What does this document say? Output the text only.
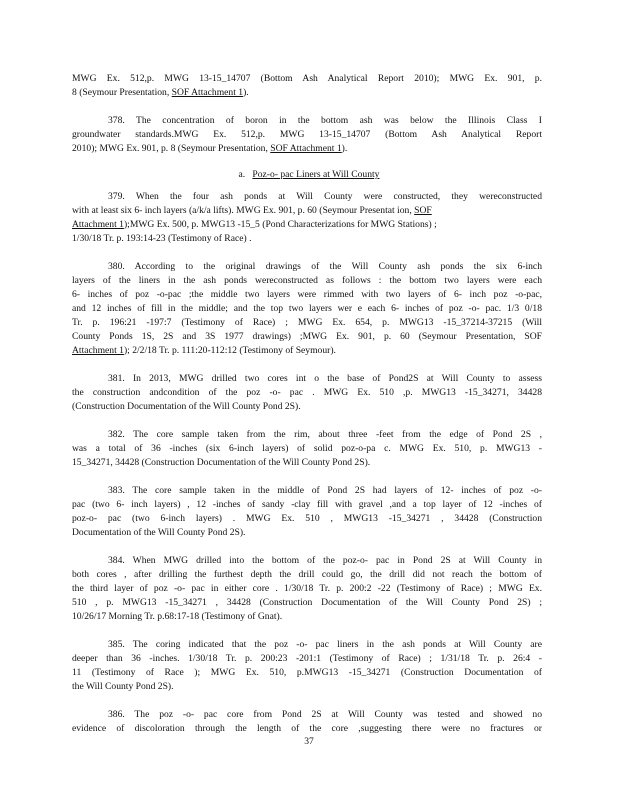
MWG Ex. 512,p. MWG 13-15_14707 (Bottom Ash Analytical Report 2010); MWG Ex. 901, p.
8 (Seymour Presentation, SOF Attachment 1).
378. The concentration of boron in the bottom ash was below the Illinois Class I
groundwater standards.MWG Ex. 512,p. MWG 13-15_14707 (Bottom Ash Analytical Report
2010); MWG Ex. 901, p. 8 (Seymour Presentation, SOF Attachment 1).
a. Poz-o- pac Liners at Will County
379. When the four ash ponds at Will County were constructed, they wereconstructed
with at least six 6- inch layers (a/k/a lifts). MWG Ex. 901, p. 60 (Seymour Presentat ion, SOF
Attachment 1);MWG Ex. 500, p. MWG13 -15_5 (Pond Characterizations for MWG Stations) ;
1/30/18 Tr. p. 193:14-23 (Testimony of Race) .
380. According to the original drawings of the Will County ash ponds the six 6-inch
layers of the liners in the ash ponds wereconstructed as follows : the bottom two layers were each
6- inches of poz -o-pac ;the middle two layers were rimmed with two layers of 6- inch poz -o-pac,
and 12 inches of fill in the middle; and the top two layers wer e each 6- inches of poz -o- pac. 1/3 0/18
Tr. p. 196:21 -197:7 (Testimony of Race) ; MWG Ex. 654, p. MWG13 -15_37214-37215 (Will
County Ponds 1S, 2S and 3S 1977 drawings) ;MWG Ex. 901, p. 60 (Seymour Presentation, SOF
Attachment 1); 2/2/18 Tr. p. 111:20-112:12 (Testimony of Seymour).
381. In 2013, MWG drilled two cores int o the base of Pond2S at Will County to assess
the construction andcondition of the poz -o- pac . MWG Ex. 510 ,p. MWG13 -15_34271, 34428
(Construction Documentation of the Will County Pond 2S).
382. The core sample taken from the rim, about three -feet from the edge of Pond 2S ,
was a total of 36 -inches (six 6-inch layers) of solid poz-o-pa c. MWG Ex. 510, p. MWG13 -
15_34271, 34428 (Construction Documentation of the Will County Pond 2S).
383. The core sample taken in the middle of Pond 2S had layers of 12- inches of poz -o-
pac (two 6- inch layers) , 12 -inches of sandy -clay fill with gravel ,and a top layer of 12 -inches of
poz-o- pac (two 6-inch layers) . MWG Ex. 510 , MWG13 -15_34271 , 34428 (Construction
Documentation of the Will County Pond 2S).
384. When MWG drilled into the bottom of the poz-o- pac in Pond 2S at Will County in
both cores , after drilling the furthest depth the drill could go, the drill did not reach the bottom of
the third layer of poz -o- pac in either core . 1/30/18 Tr. p. 200:2 -22 (Testimony of Race) ; MWG Ex.
510 , p. MWG13 -15_34271 , 34428 (Construction Documentation of the Will County Pond 2S) ;
10/26/17 Morning Tr. p.68:17-18 (Testimony of Gnat).
385. The coring indicated that the poz -o- pac liners in the ash ponds at Will County are
deeper than 36 -inches. 1/30/18 Tr. p. 200:23 -201:1 (Testimony of Race) ; 1/31/18 Tr. p. 26:4 -
11 (Testimony of Race ); MWG Ex. 510, p.MWG13 -15_34271 (Construction Documentation of
the Will County Pond 2S).
386. The poz -o- pac core from Pond 2S at Will County was tested and showed no
evidence of discoloration through the length of the core ,suggesting there were no fractures or
37
